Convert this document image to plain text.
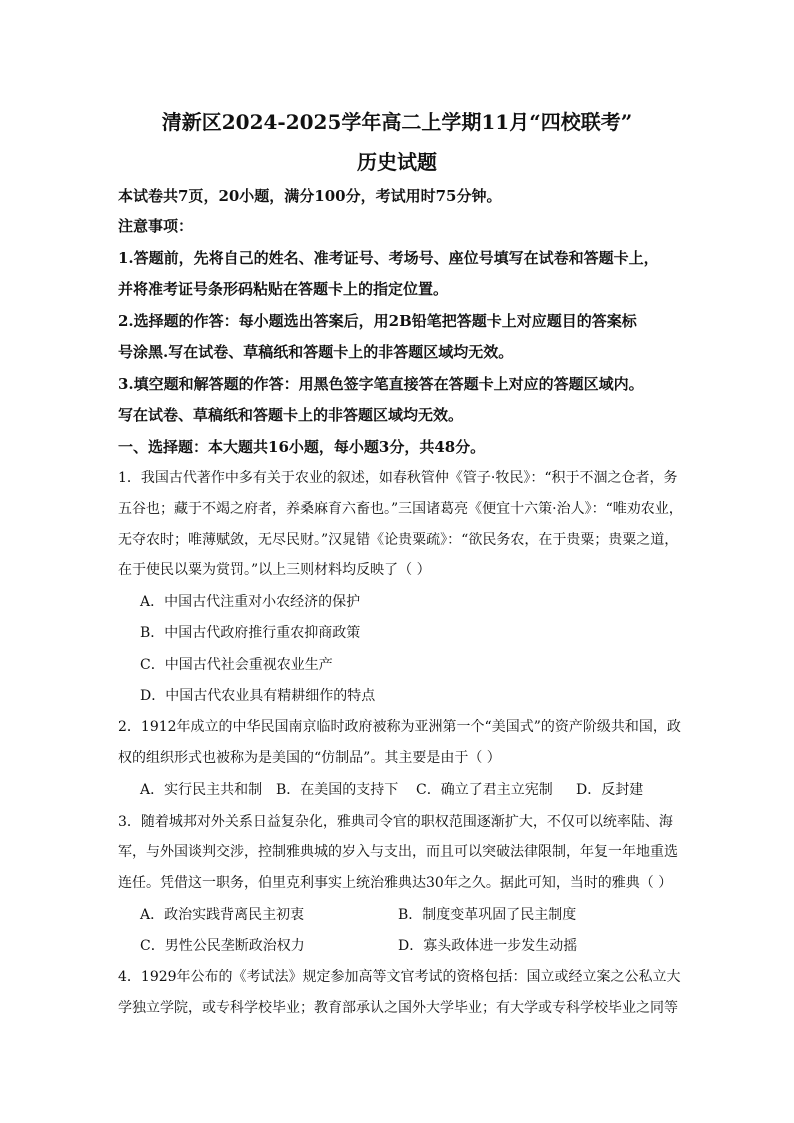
清新区2024-2025学年高二上学期11月“四校联考”
历史试题
本试卷共7页，20小题，满分100分，考试用时75分钟。
注意事项：
1.答题前，先将自己的姓名、准考证号、考场号、座位号填写在试卷和答题卡上，
并将准考证号条形码粘贴在答题卡上的指定位置。
2.选择题的作答：每小题选出答案后，用2B铅笔把答题卡上对应题目的答案标
号涂黑.写在试卷、草稿纸和答题卡上的非答题区域均无效。
3.填空题和解答题的作答：用黑色签字笔直接答在答题卡上对应的答题区域内。
写在试卷、草稿纸和答题卡上的非答题区域均无效。
一、选择题：本大题共16小题，每小题3分，共48分。
1．我国古代著作中多有关于农业的叙述，如春秋管仲《管子·牧民》：“积于不涸之仓者，务
五谷也；藏于不竭之府者，养桑麻育六畜也。”三国诸葛亮《便宜十六策·治人》：“唯劝农业，
无夺农时；唯薄赋敛，无尽民财。”汉晁错《论贵粟疏》：“欲民务农，在于贵粟；贵粟之道，
在于使民以粟为赏罚。”以上三则材料均反映了（ ）
A．中国古代注重对小农经济的保护
B．中国古代政府推行重农抑商政策
C．中国古代社会重视农业生产
D．中国古代农业具有精耕细作的特点
2．1912年成立的中华民国南京临时政府被称为亚洲第一个“美国式”的资产阶级共和国，政
权的组织形式也被称为是美国的“仿制品”。其主要是由于（ ）
A．实行民主共和制 B．在美国的支持下 C．确立了君主立宪制 D．反封建
3．随着城邦对外关系日益复杂化，雅典司令官的职权范围逐渐扩大，不仅可以统率陆、海
军，与外国谈判交涉，控制雅典城的岁入与支出，而且可以突破法律限制，年复一年地重选
连任。凭借这一职务，伯里克利事实上统治雅典达30年之久。据此可知，当时的雅典（ ）
A．政治实践背离民主初衷	B．制度变革巩固了民主制度
C．男性公民垄断政治权力	D．寡头政体进一步发生动摇
4．1929年公布的《考试法》规定参加高等文官考试的资格包括：国立或经立案之公私立大
学独立学院，或专科学校毕业；教育部承认之国外大学毕业；有大学或专科学校毕业之同等
